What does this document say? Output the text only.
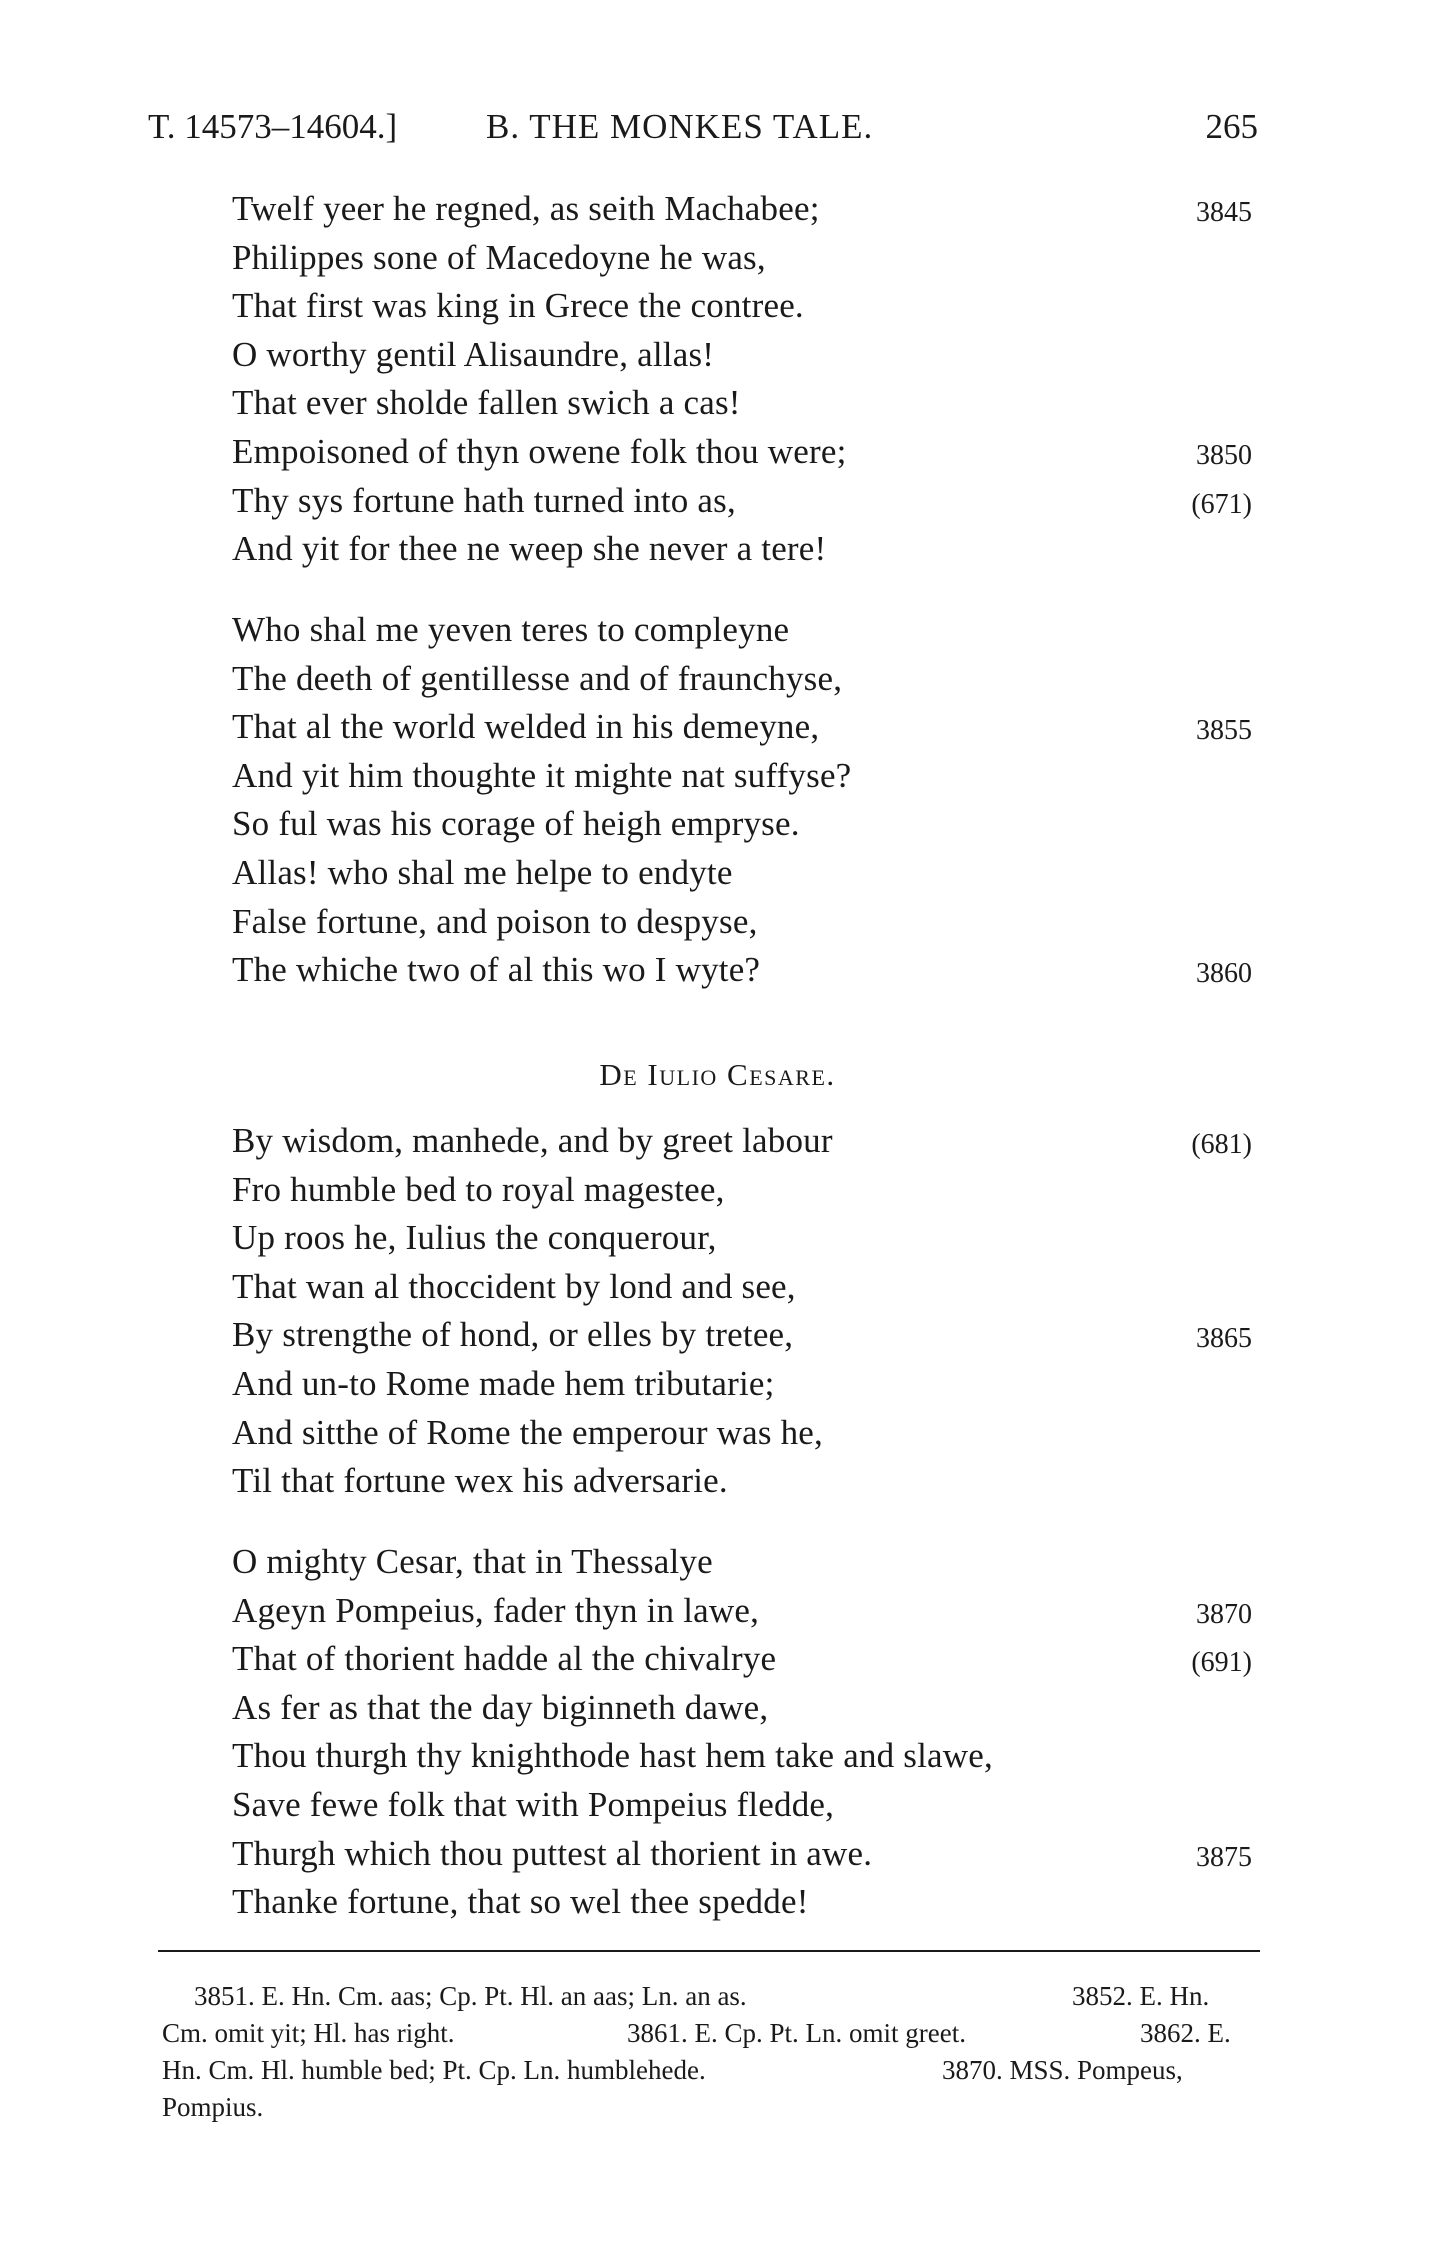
T. 14573–14604.]	B. THE MONKES TALE.	265
Twelf yeer he regned, as seith Machabee;	3845
Philippes sone of Macedoyne he was,
That first was king in Grece the contree.
O worthy gentil Alisaundre, allas!
That ever sholde fallen swich a cas!
Empoisoned of thyn owene folk thou were;	3850
Thy sys fortune hath turned into as,	(671)
And yit for thee ne weep she never a tere!
Who shal me yeven teres to compleyne
The deeth of gentillesse and of fraunchyse,
That al the world welded in his demeyne,	3855
And yit him thoughte it mighte nat suffyse?
So ful was his corage of heigh empryse.
Allas! who shal me helpe to endyte
False fortune, and poison to despyse,
The whiche two of al this wo I wyte?	3860
De Iulio Cesare.
By wisdom, manhede, and by greet labour	(681)
Fro humble bed to royal magestee,
Up roos he, Iulius the conquerour,
That wan al thoccident by lond and see,
By strengthe of hond, or elles by tretee,	3865
And un-to Rome made hem tributarie;
And sitthe of Rome the emperour was he,
Til that fortune wex his adversarie.
O mighty Cesar, that in Thessalye
Ageyn Pompeius, fader thyn in lawe,	3870
That of thorient hadde al the chivalrye	(691)
As fer as that the day biginneth dawe,
Thou thurgh thy knighthode hast hem take and slawe,
Save fewe folk that with Pompeius fledde,
Thurgh which thou puttest al thorient in awe.	3875
Thanke fortune, that so wel thee spedde!
3851. E. Hn. Cm. aas; Cp. Pt. Hl. an aas; Ln. an as.	3852. E. Hn.
Cm. omit yit; Hl. has right.	3861. E. Cp. Pt. Ln. omit greet.	3862. E.
Hn. Cm. Hl. humble bed; Pt. Cp. Ln. humblehede.	3870. MSS. Pompeus,
Pompius.
